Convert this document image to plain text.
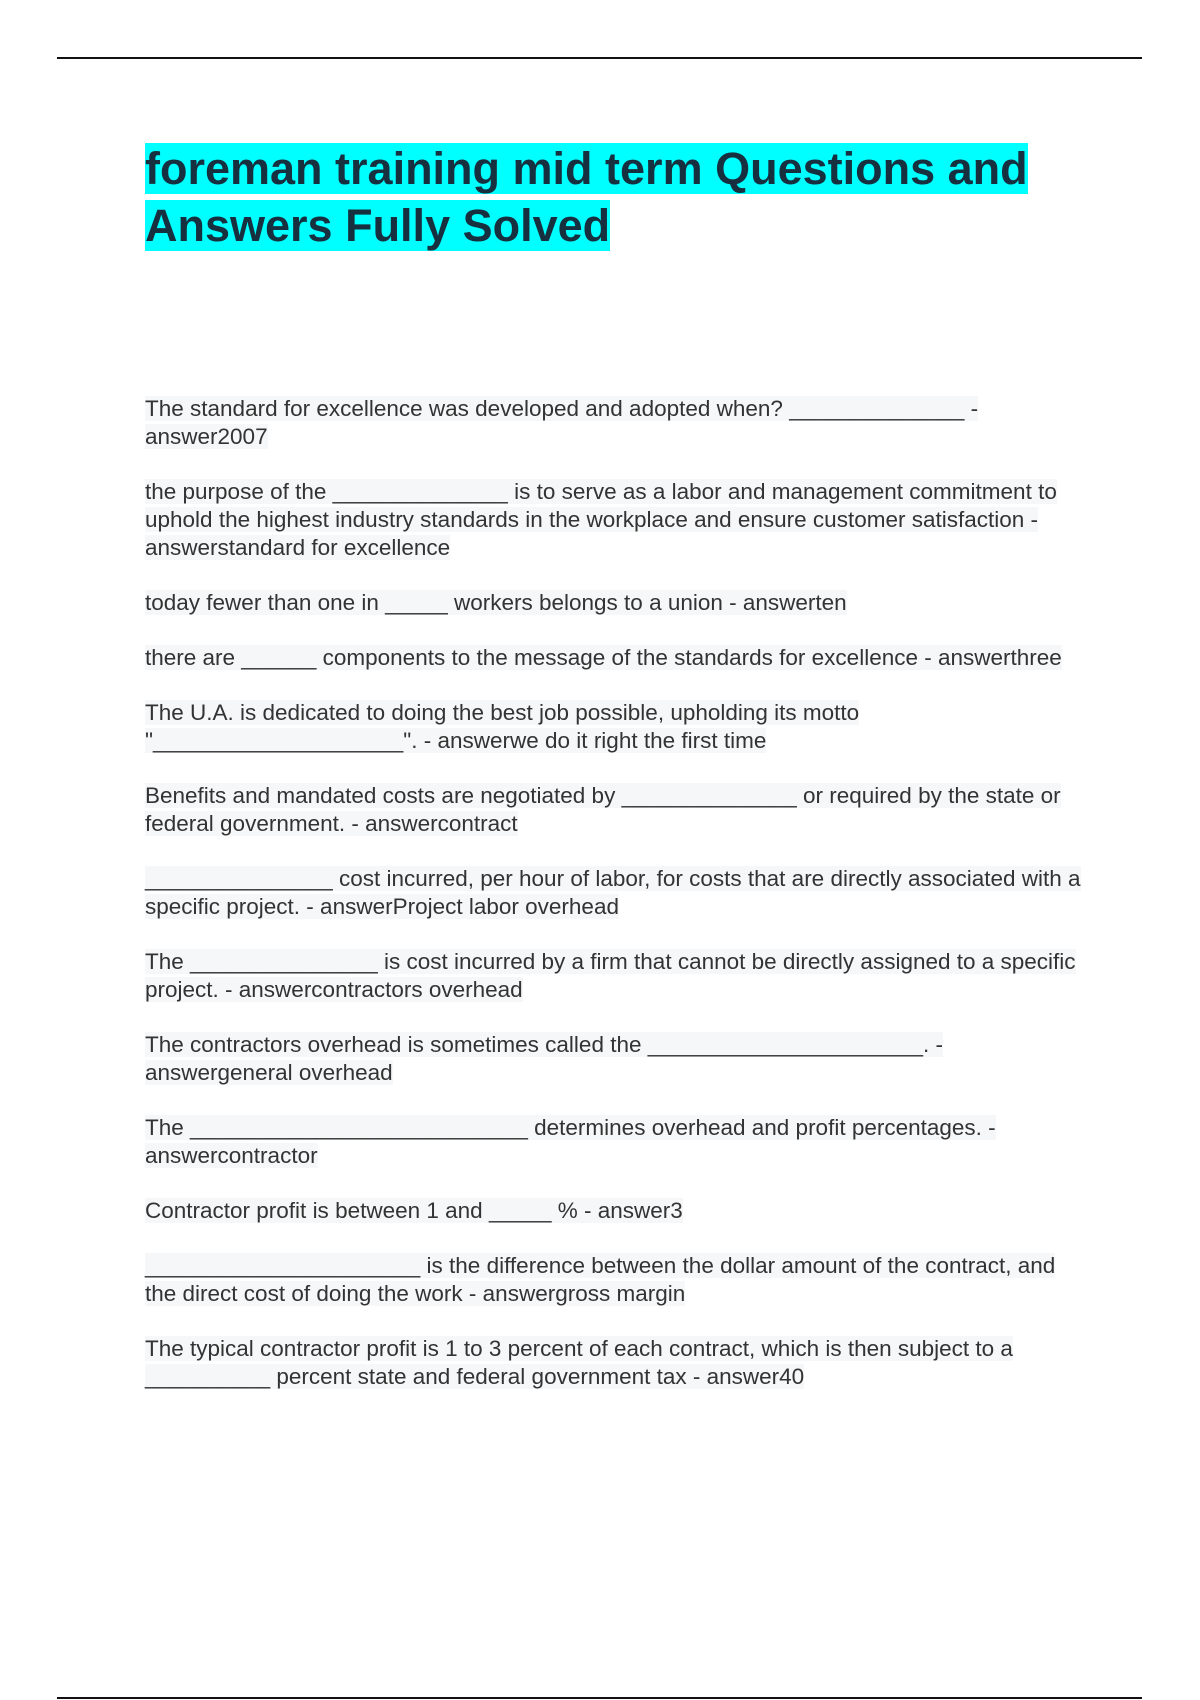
foreman training mid term Questions and Answers Fully Solved
The standard for excellence was developed and adopted when? ______________ - answer2007
the purpose of the ______________ is to serve as a labor and management commitment to uphold the highest industry standards in the workplace and ensure customer satisfaction - answerstandard for excellence
today fewer than one in _____ workers belongs to a union - answerten
there are ______ components to the message of the standards for excellence - answerthree
The U.A. is dedicated to doing the best job possible, upholding its motto "____________________". - answerwe do it right the first time
Benefits and mandated costs are negotiated by ______________ or required by the state or federal government. - answercontract
_______________ cost incurred, per hour of labor, for costs that are directly associated with a specific project. - answerProject labor overhead
The _______________ is cost incurred by a firm that cannot be directly assigned to a specific project. - answercontractors overhead
The contractors overhead is sometimes called the ______________________. - answergeneral overhead
The ___________________________ determines overhead and profit percentages. - answercontractor
Contractor profit is between 1 and _____ % - answer3
______________________ is the difference between the dollar amount of the contract, and the direct cost of doing the work - answergross margin
The typical contractor profit is 1 to 3 percent of each contract, which is then subject to a __________ percent state and federal government tax - answer40
